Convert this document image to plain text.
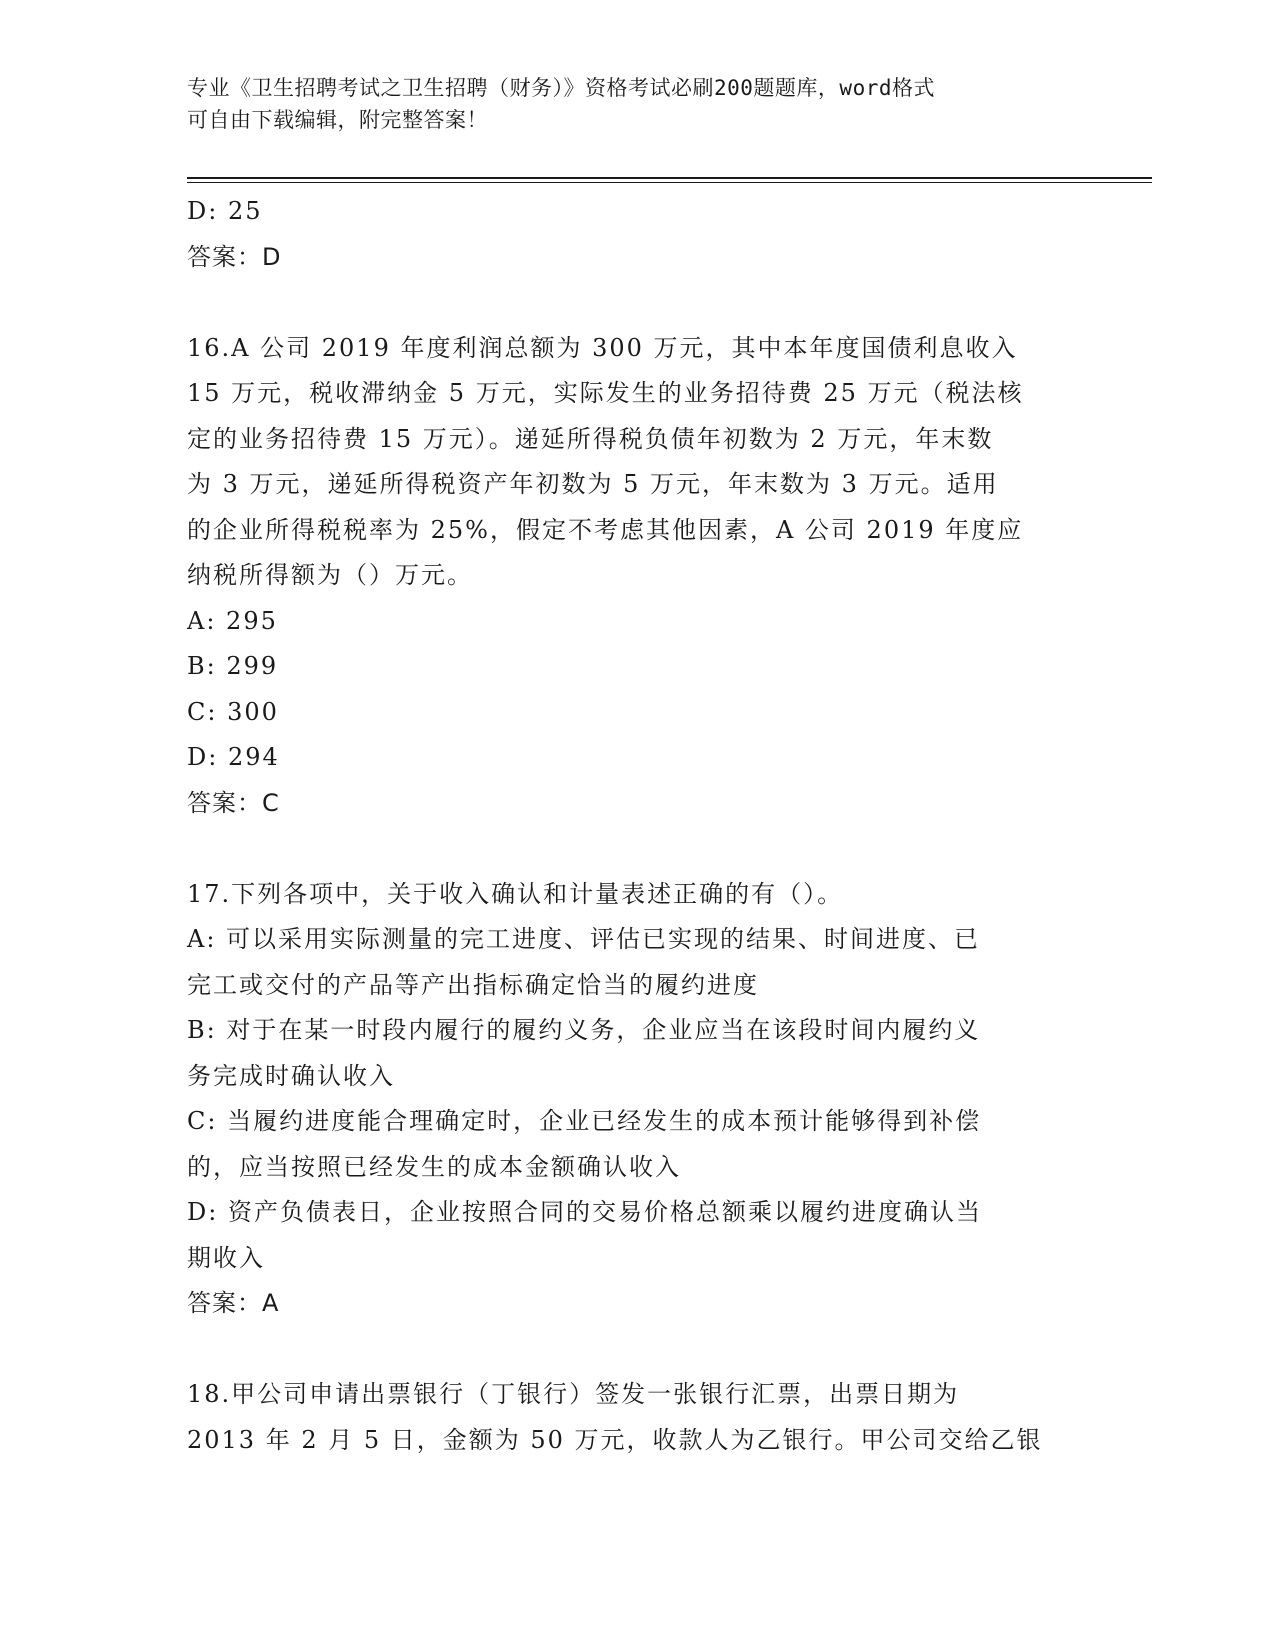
专业《卫生招聘考试之卫生招聘（财务）》资格考试必刷200题题库，word格式
可自由下载编辑，附完整答案！
D: 25
答案：D
16.A 公司 2019 年度利润总额为 300 万元，其中本年度国债利息收入
15 万元，税收滞纳金 5 万元，实际发生的业务招待费 25 万元（税法核
定的业务招待费 15 万元）。递延所得税负债年初数为 2 万元，年末数
为 3 万元，递延所得税资产年初数为 5 万元，年末数为 3 万元。适用
的企业所得税税率为 25%，假定不考虑其他因素，A 公司 2019 年度应
纳税所得额为（）万元。
A: 295
B: 299
C: 300
D: 294
答案：C
17.下列各项中，关于收入确认和计量表述正确的有（）。
A: 可以采用实际测量的完工进度、评估已实现的结果、时间进度、已
完工或交付的产品等产出指标确定恰当的履约进度
B: 对于在某一时段内履行的履约义务，企业应当在该段时间内履约义
务完成时确认收入
C: 当履约进度能合理确定时，企业已经发生的成本预计能够得到补偿
的，应当按照已经发生的成本金额确认收入
D: 资产负债表日，企业按照合同的交易价格总额乘以履约进度确认当
期收入
答案：A
18.甲公司申请出票银行（丁银行）签发一张银行汇票，出票日期为
2013 年 2 月 5 日，金额为 50 万元，收款人为乙银行。甲公司交给乙银
